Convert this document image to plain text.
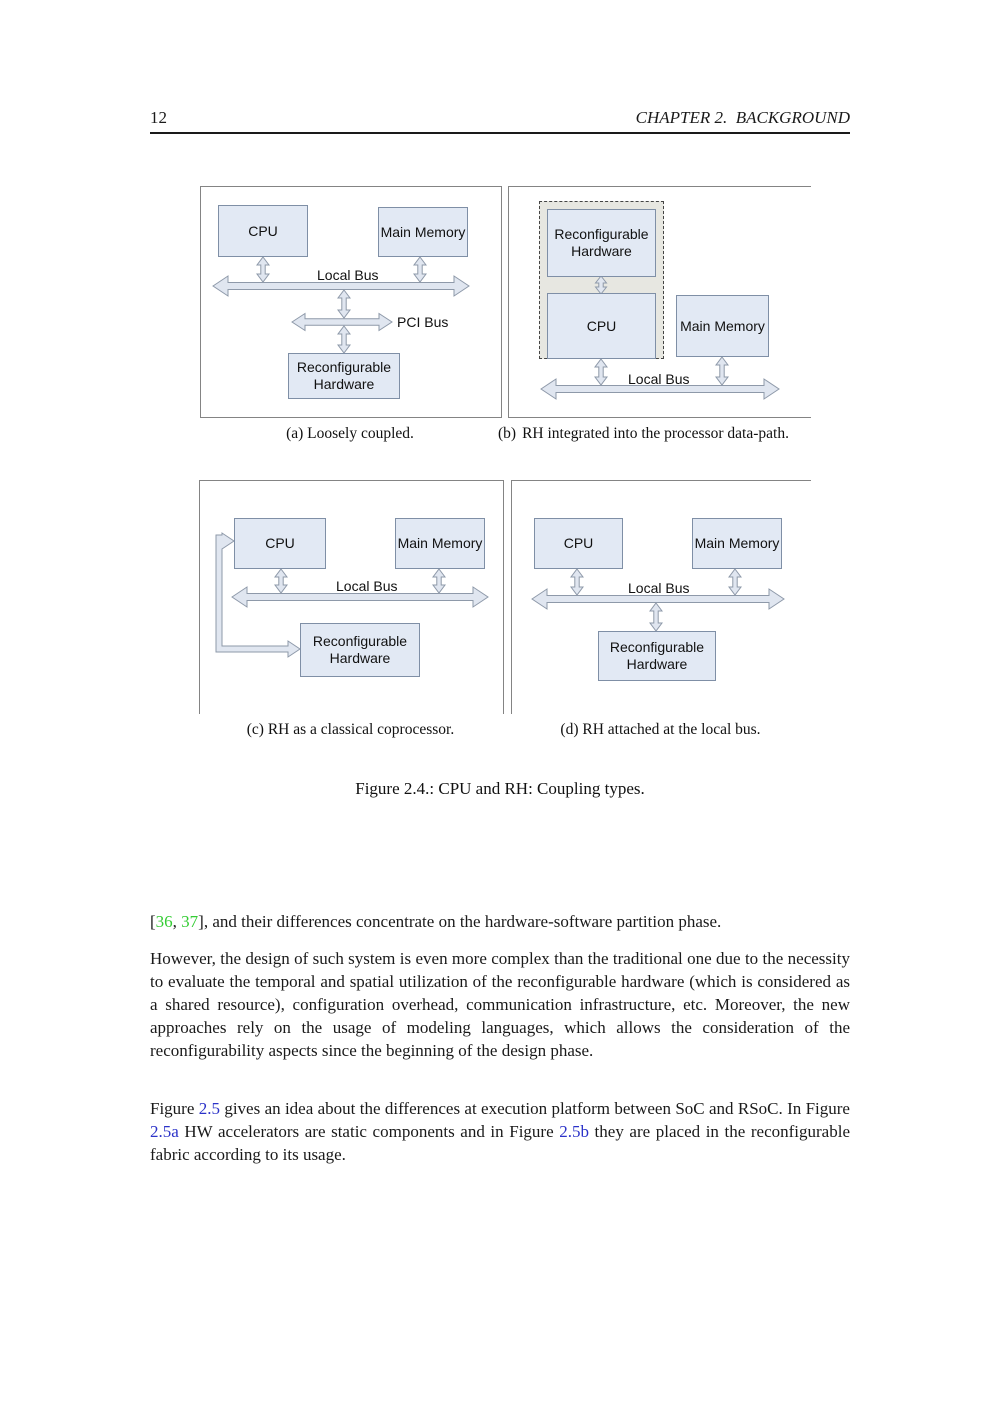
12	CHAPTER 2.  BACKGROUND
CPU	Main Memory
Reconfigurable Hardware
Local Bus
PCI Bus
Reconfigurable Hardware
CPU	Main Memory
Local Bus
CPU	Main Memory
Reconfigurable Hardware
Local Bus
CPU	Main Memory
Reconfigurable Hardware
Local Bus
(a) Loosely coupled.	(b) RH integrated into the processor data-path.
(c) RH as a classical coprocessor.	(d) RH attached at the local bus.
Figure 2.4.: CPU and RH: Coupling types.
[36, 37], and their differences concentrate on the hardware-software partition phase.
However, the design of such system is even more complex than the traditional one due to the necessity to evaluate the temporal and spatial utilization of the reconfigurable hardware (which is considered as a shared resource), configuration overhead, communication infrastructure, etc. Moreover, the new approaches rely on the usage of modeling languages, which allows the consideration of the reconfigurability aspects since the beginning of the design phase.
Figure 2.5 gives an idea about the differences at execution platform between SoC and RSoC. In Figure 2.5a HW accelerators are static components and in Figure 2.5b they are placed in the reconfigurable fabric according to its usage.
